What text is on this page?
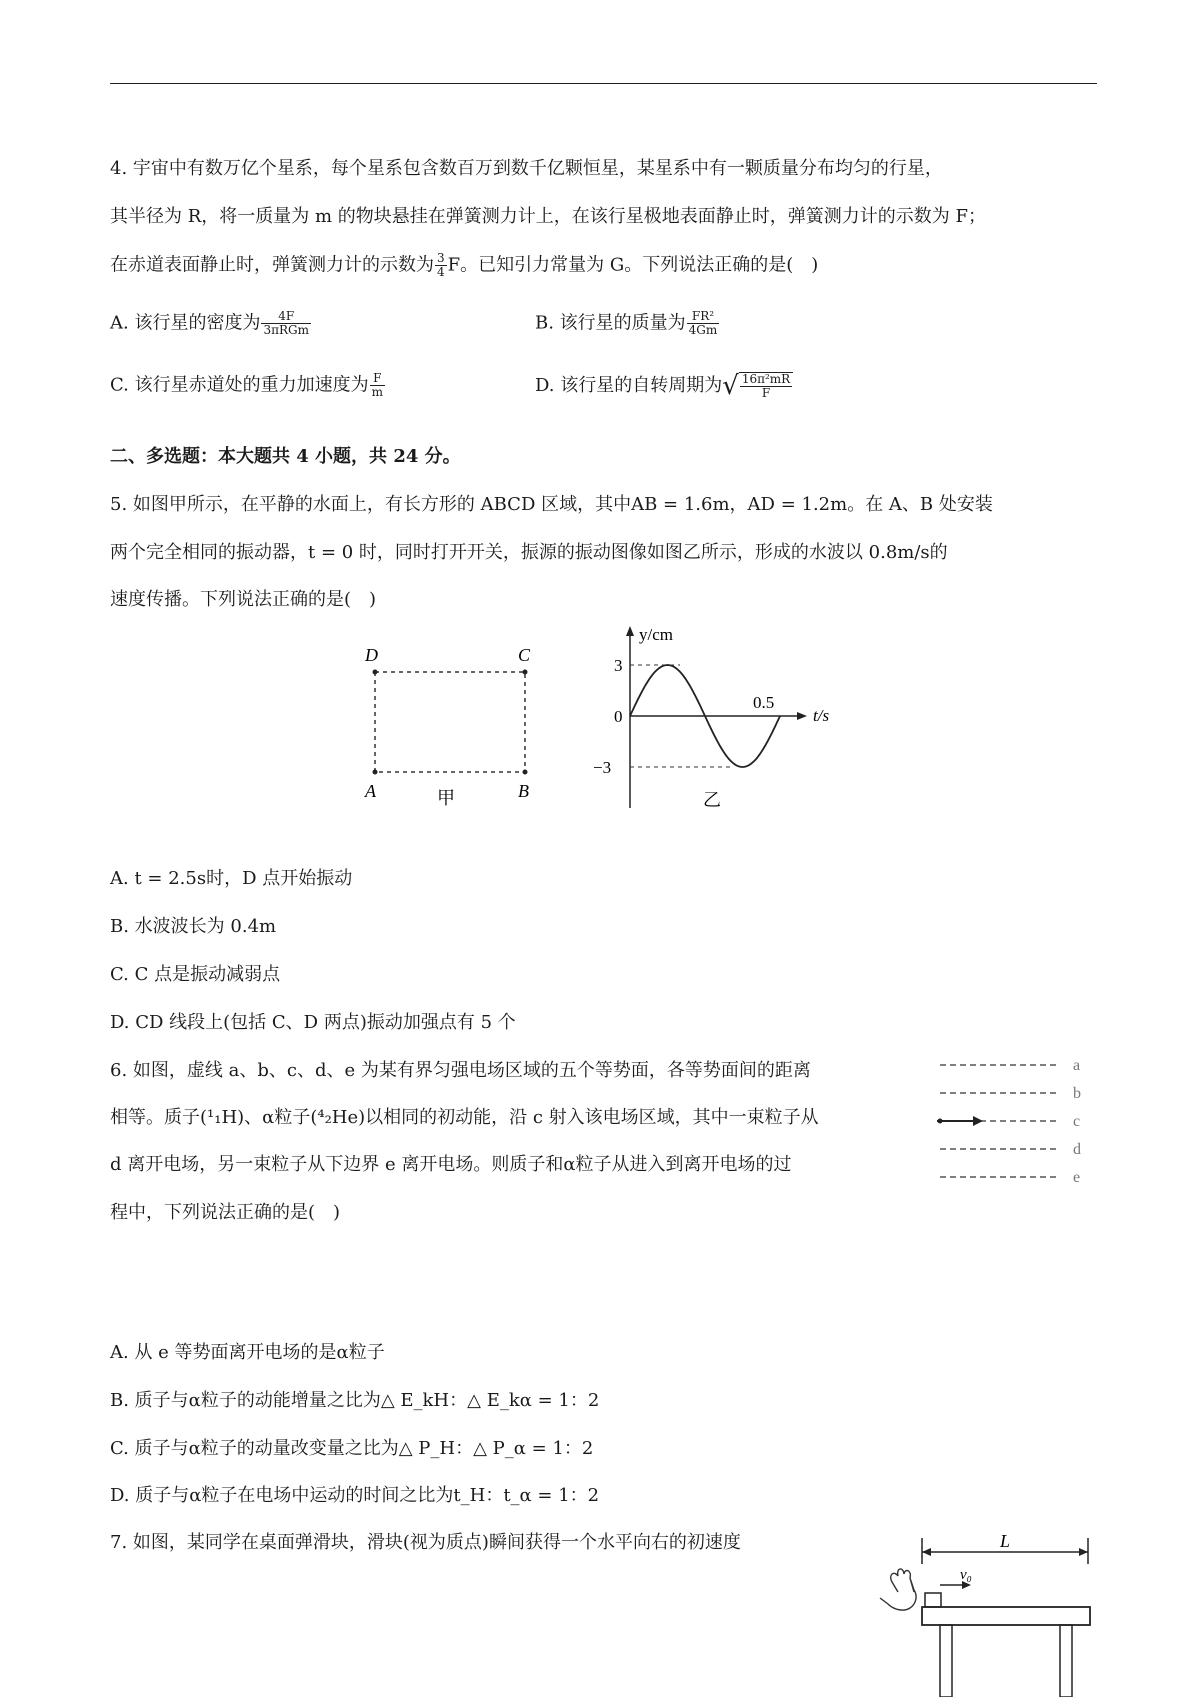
4. 宇宙中有数万亿个星系，每个星系包含数百万到数千亿颗恒星，某星系中有一颗质量分布均匀的行星，
其半径为 R，将一质量为 m 的物块悬挂在弹簧测力计上，在该行星极地表面静止时，弹簧测力计的示数为 F；
在赤道表面静止时，弹簧测力计的示数为 $\frac{3}{4}$ F。已知引力常量为 G。下列说法正确的是(　)
A. 该行星的密度为 $\frac{4F}{\text{3πRGm}}$	B. 该行星的质量为 $\frac{\text{FR²}}{4Gm}$
C. 该行星赤道处的重力加速度为 $\frac{F}{m}$	D. 该行星的自转周期为√ $\frac{\text{16π²mR}}{F}$
二、多选题：本大题共 4 小题，共 24 分。
5. 如图甲所示，在平静的水面上，有长方形的 ABCD 区域，其中AB = 1.6m，AD = 1.2m。在 A、B 处安装
两个完全相同的振动器，t = 0 时，同时打开开关，振源的振动图像如图乙所示，形成的水波以 0.8m/s的
速度传播。下列说法正确的是(　)
D	C
A	B
甲
y/cm
t/s
3
0
−3
0.5
乙
A. t = 2.5s时，D 点开始振动
B. 水波波长为 0.4m
C. C 点是振动减弱点
D. CD 线段上(包括 C、D 两点)振动加强点有 5 个
6. 如图，虚线 a、b、c、d、e 为某有界匀强电场区域的五个等势面，各等势面间的距离
相等。质子(¹₁H)、α粒子(⁴₂He)以相同的初动能，沿 c 射入该电场区域，其中一束粒子从
d 离开电场，另一束粒子从下边界 e 离开电场。则质子和α粒子从进入到离开电场的过
程中，下列说法正确的是(　)
a
b
c
d
e
A. 从 e 等势面离开电场的是α粒子
B. 质子与α粒子的动能增量之比为△ E_kH：△ E_kα = 1：2
C. 质子与α粒子的动量改变量之比为△ P_H：△ P_α = 1：2
D. 质子与α粒子在电场中运动的时间之比为t_H：t_α = 1：2
7. 如图，某同学在桌面弹滑块，滑块(视为质点)瞬间获得一个水平向右的初速度	L
v₀
